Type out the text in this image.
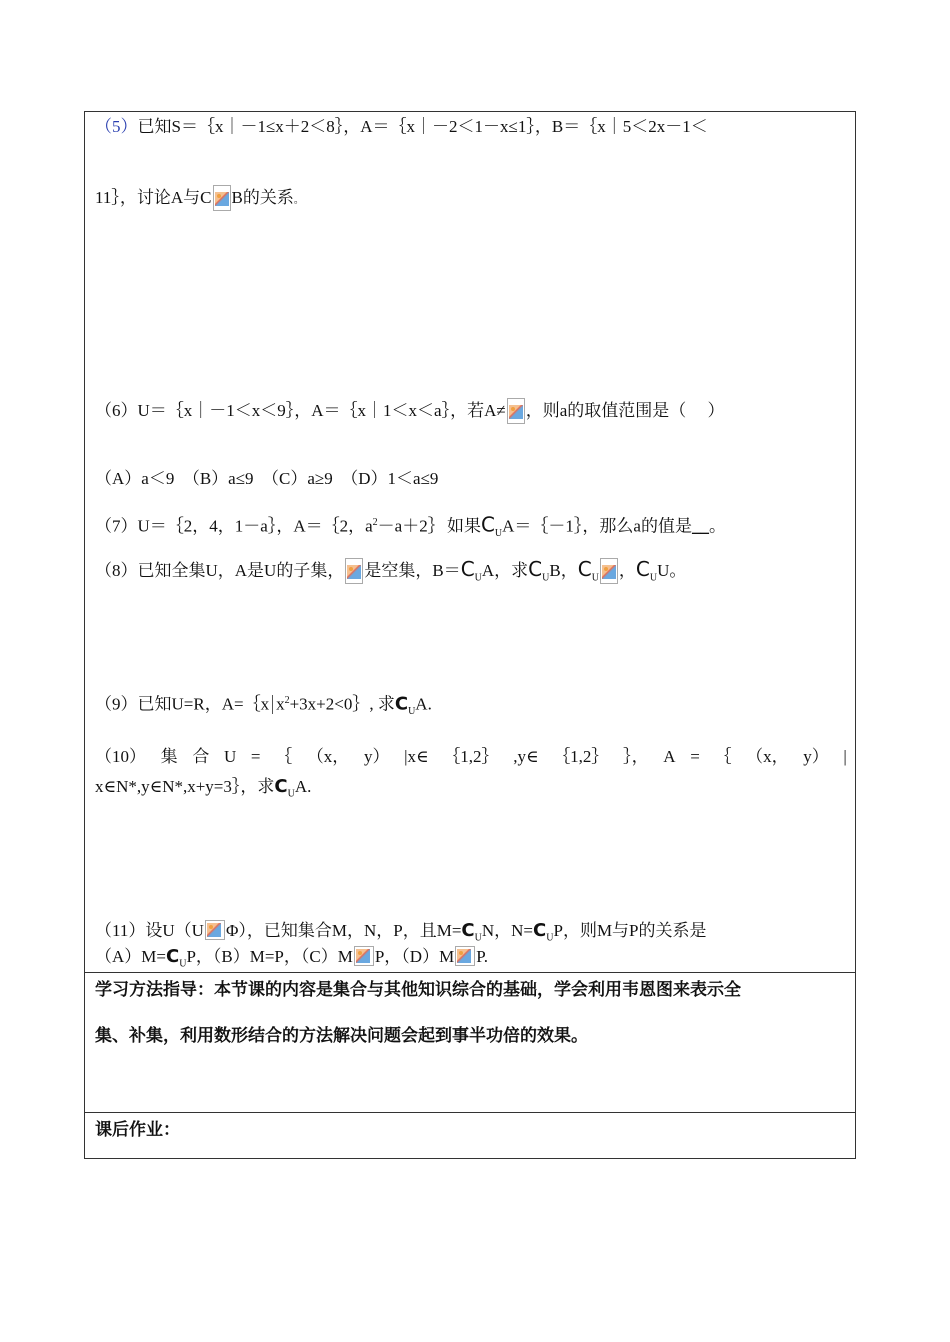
（5）已知S＝｛x｜－1≤x＋2＜8｝，A＝｛x｜－2＜1－x≤1｝，B＝｛x｜5＜2x－1＜
11｝，讨论A与C B的关系。
（6）U＝｛x｜－1＜x＜9｝，A＝｛x｜1＜x＜a｝，若A≠ ，则a的取值范围是（　 ）
（A）a＜9　（B）a≤9　（C）a≥9　（D）1＜a≤9
（7）U＝｛2，4，1－a｝，A＝｛2，$a^2-a+2\}$ 如果$C_UA=\{-1\}$，那么a的值是__。
（8）已知全集U，A是U的子集， 是空集，$B=C_UA$，求$C_UB$，$C_U$ ，$C_UU$。
（9）已知U=R，A=｛x $x^2+3x+2<0\}$, 求$C_UA$.
（10） 集 合 U = ｛ （x， y） |x∈ ｛1,2｝ ,y∈ ｛1,2｝ ｝， A = ｛ （x， y） |
x∈N*,y∈N*,x+y=3｝，求$C_UA$.
（11）设U（U Φ），已知集合M，N，P，且$M=C_UN$，$N=C_UP$，则M与P的关系是
$(A)M=C_UP$，（B）M=P，（C）M P，（D）M P.
学习方法指导：本节课的内容是集合与其他知识综合的基础，学会利用韦恩图来表示全
集、补集，利用数形结合的方法解决问题会起到事半功倍的效果。
课后作业：
